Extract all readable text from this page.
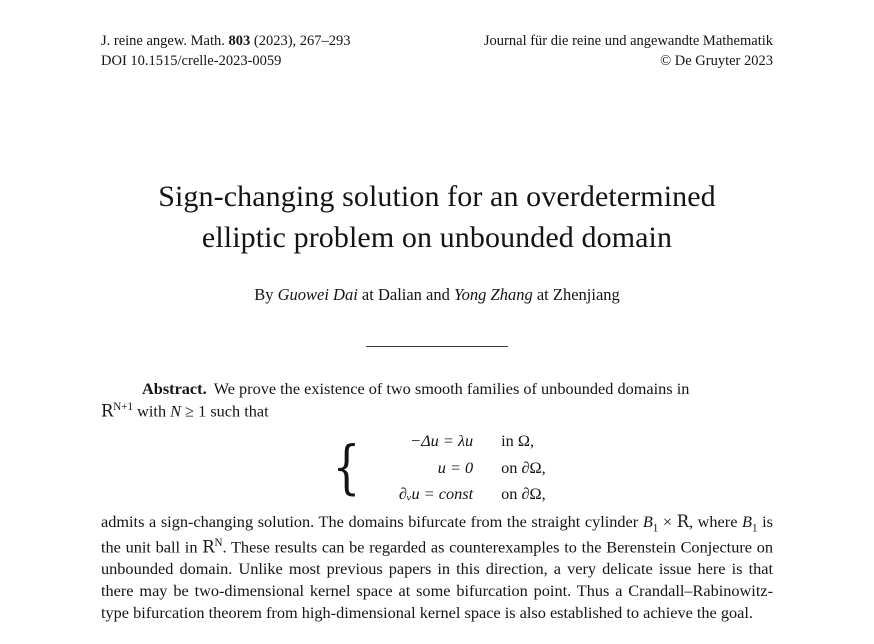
J. reine angew. Math. 803 (2023), 267–293
DOI 10.1515/crelle-2023-0059
Journal für die reine und angewandte Mathematik
© De Gruyter 2023
Sign-changing solution for an overdetermined
elliptic problem on unbounded domain
By Guowei Dai at Dalian and Yong Zhang at Zhenjiang

Abstract. We prove the existence of two smooth families of unbounded domains in
$R^{N+1}$ with N ≥ 1 such that

{	−Δu = λu in Ω,
u = 0 on ∂Ω,
∂ᵥu = const on ∂Ω,

admits a sign-changing solution. The domains bifurcate from the straight cylinder $B_1 \times R$, where $B_1$ is the unit ball in $R^N$. These results can be regarded as counterexamples to the Berenstein Conjecture on unbounded domain. Unlike most previous papers in this direction, a very delicate issue here is that there may be two-dimensional kernel space at some bifurcation point. Thus a Crandall–Rabinowitz-type bifurcation theorem from high-dimensional kernel space is also established to achieve the goal.
